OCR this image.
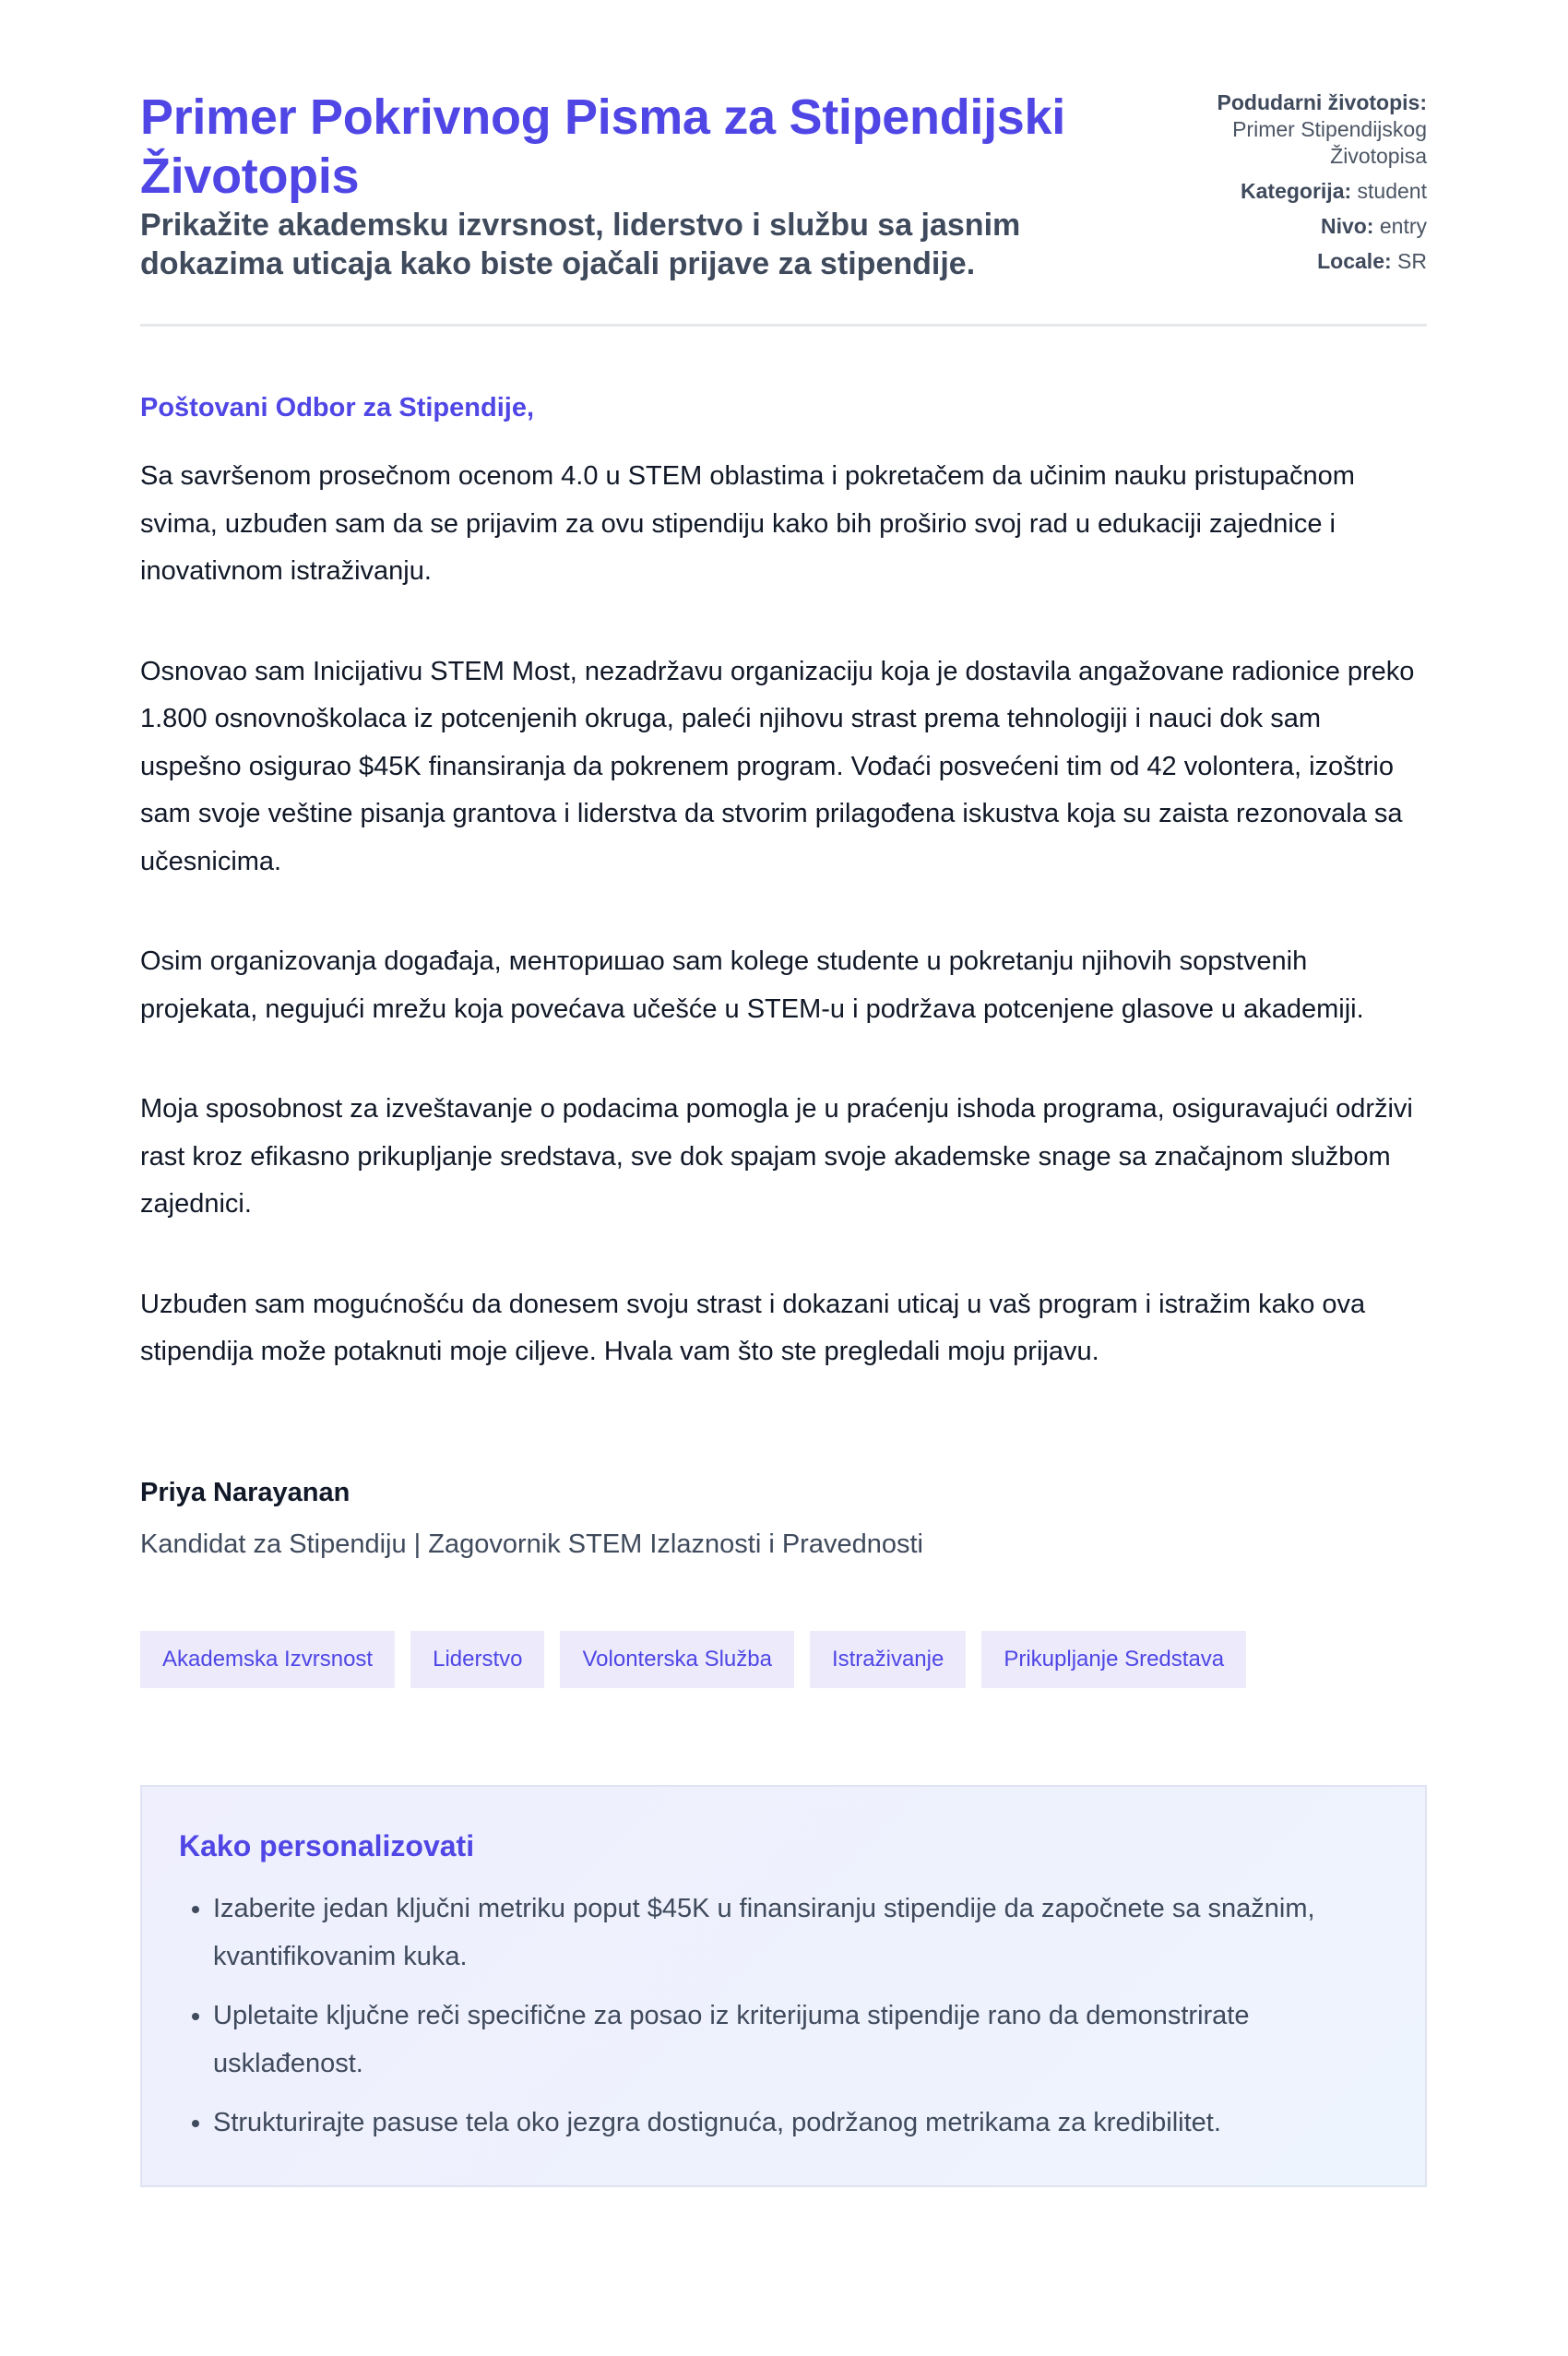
Primer Pokrivnog Pisma za Stipendijski Životopis

Prikažite akademsku izvrsnost, liderstvo i službu sa jasnim dokazima uticaja kako biste ojačali prijave za stipendije.

Podudarni životopis:
Primer Stipendijskog Životopisa
Kategorija: student
Nivo: entry
Locale: SR
Poštovani Odbor za Stipendije,

Sa savršenom prosečnom ocenom 4.0 u STEM oblastima i pokretačem da učinim nauku pristupačnom svima, uzbuđen sam da se prijavim za ovu stipendiju kako bih proširio svoj rad u edukaciji zajednice i inovativnom istraživanju.

Osnovao sam Inicijativu STEM Most, nezadržavu organizaciju koja je dostavila angažovane radionice preko 1.800 osnovnoškolaca iz potcenjenih okruga, paleći njihovu strast prema tehnologiji i nauci dok sam uspešno osigurao $45K finansiranja da pokrenem program. Vođaći posvećeni tim od 42 volontera, izoštrio sam svoje veštine pisanja grantova i liderstva da stvorim prilagođena iskustva koja su zaista rezonovala sa učesnicima.

Osim organizovanja događaja, менторишao sam kolege studente u pokretanju njihovih sopstvenih projekata, negujući mrežu koja povećava učešće u STEM-u i podržava potcenjene glasove u akademiji.

Moja sposobnost za izveštavanje o podacima pomogla je u praćenju ishoda programa, osiguravajući održivi rast kroz efikasno prikupljanje sredstava, sve dok spajam svoje akademske snage sa značajnom službom zajednici.

Uzbuđen sam mogućnošću da donesem svoju strast i dokazani uticaj u vaš program i istražim kako ova stipendija može potaknuti moje ciljeve. Hvala vam što ste pregledali moju prijavu.

Priya Narayanan
Kandidat za Stipendiju | Zagovornik STEM Izlaznosti i Pravednosti
Akademska Izvrsnost	Liderstvo	Volonterska Služba	Istraživanje	Prikupljanje Sredstava
Kako personalizovati
• Izaberite jedan ključni metriku poput $45K u finansiranju stipendije da započnete sa snažnim, kvantifikovanim kuka.
• Upletaite ključne reči specifične za posao iz kriterijuma stipendije rano da demonstrirate usklađenost.
• Strukturirajte pasuse tela oko jezgra dostignuća, podržanog metrikama za kredibilitet.
